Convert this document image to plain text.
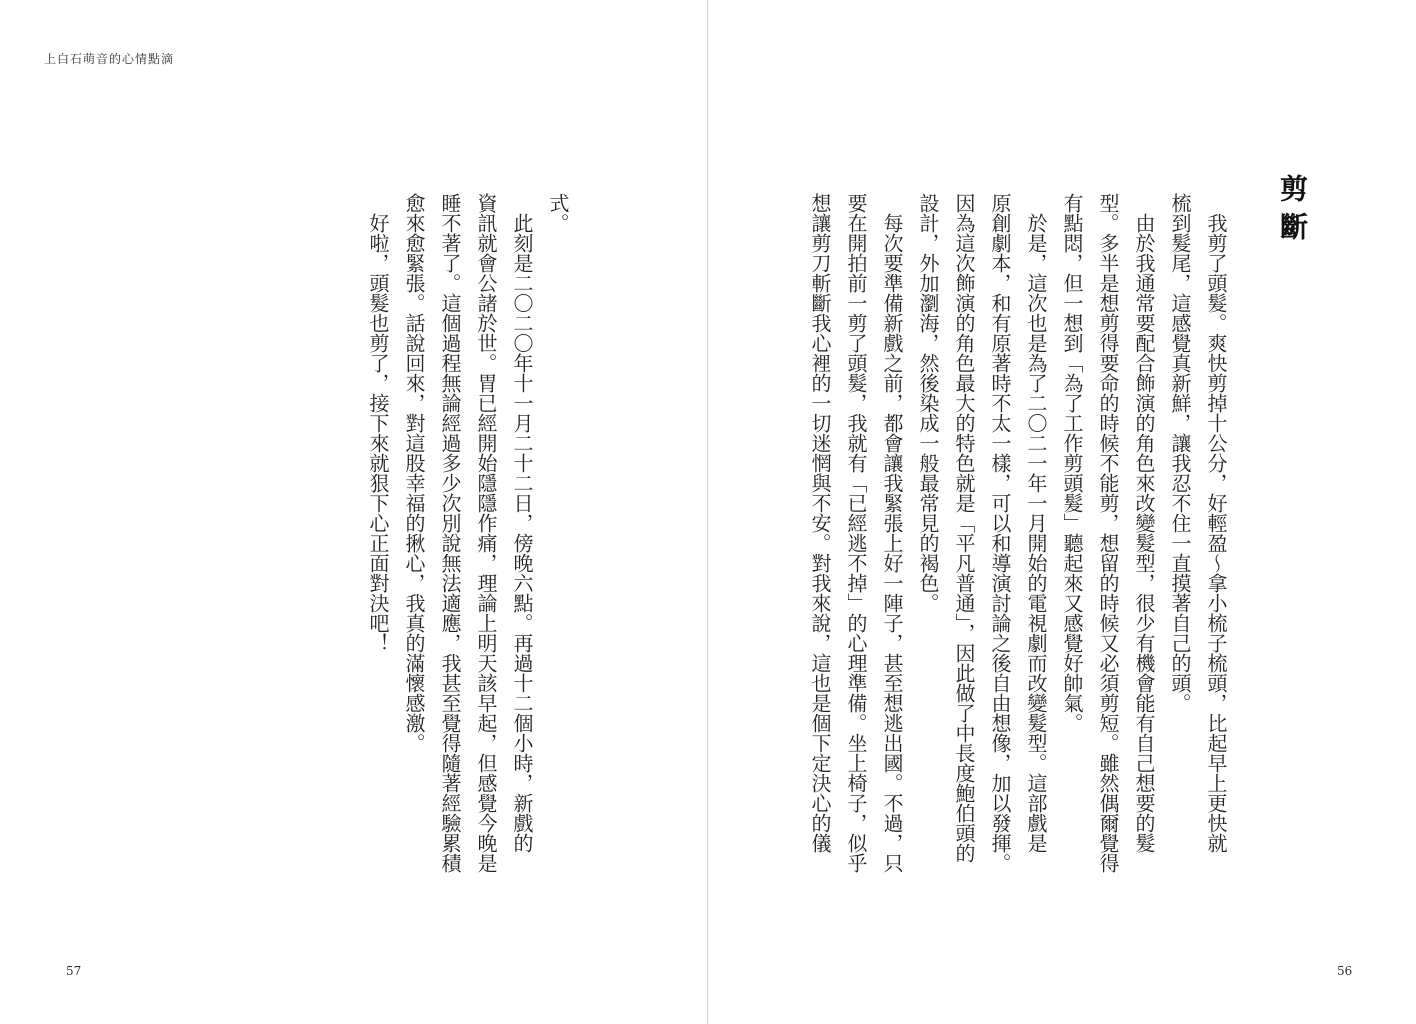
上白石萌音的心情點滴
式。
　此刻是二〇二〇年十一月二十二日，傍晚六點。再過十二個小時，新戲的
資訊就會公諸於世。胃已經開始隱隱作痛，理論上明天該早起，但感覺今晚是
睡不著了。這個過程無論經過多少次別說無法適應，我甚至覺得隨著經驗累積
愈來愈緊張。話說回來，對這股幸福的揪心，我真的滿懷感激。
　好啦，頭髮也剪了，接下來就狠下心正面對決吧！
57
剪斷
　我剪了頭髮。爽快剪掉十公分，好輕盈～拿小梳子梳頭，比起早上更快就
梳到髮尾，這感覺真新鮮，讓我忍不住一直摸著自己的頭。
　由於我通常要配合飾演的角色來改變髮型，很少有機會能有自己想要的髮
型。多半是想剪得要命的時候不能剪，想留的時候又必須剪短。雖然偶爾覺得
有點悶，但一想到「為了工作剪頭髮」聽起來又感覺好帥氣。
　於是，這次也是為了二〇二一年一月開始的電視劇而改變髮型。這部戲是
原創劇本，和有原著時不太一樣，可以和導演討論之後自由想像，加以發揮。
因為這次飾演的角色最大的特色就是「平凡普通」，因此做了中長度鮑伯頭的
設計，外加瀏海，然後染成一般最常見的褐色。
　每次要準備新戲之前，都會讓我緊張上好一陣子，甚至想逃出國。不過，只
要在開拍前一剪了頭髮，我就有「已經逃不掉」的心理準備。坐上椅子，似乎
想讓剪刀斬斷我心裡的一切迷惘與不安。對我來說，這也是個下定決心的儀
56
